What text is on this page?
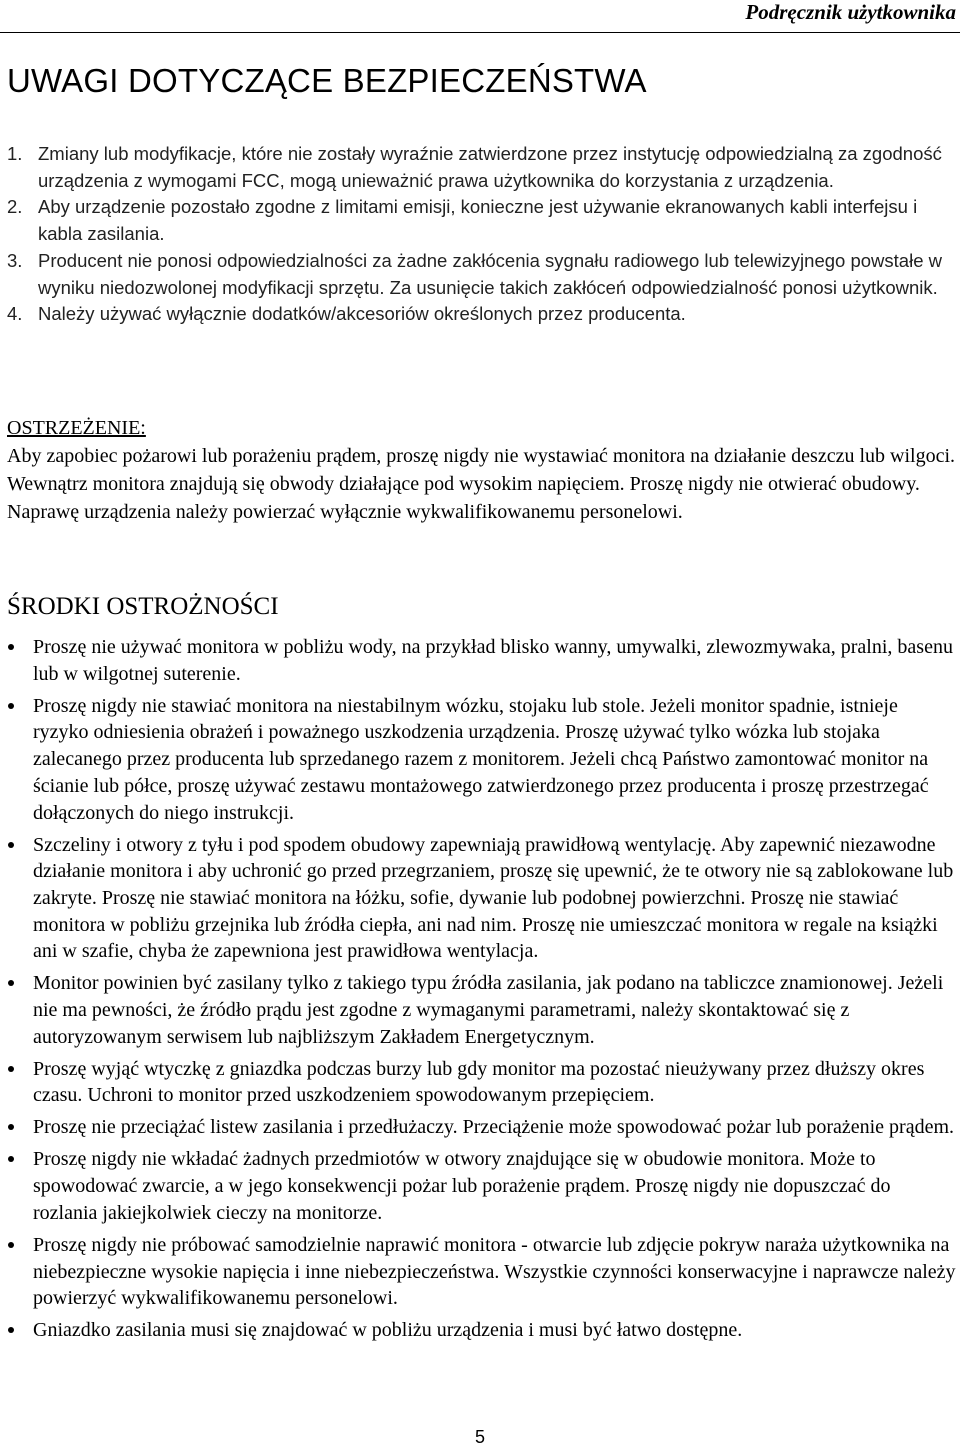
Podręcznik użytkownika
UWAGI DOTYCZĄCE BEZPIECZEŃSTWA
1. Zmiany lub modyfikacje, które nie zostały wyraźnie zatwierdzone przez instytucję odpowiedzialną za zgodność urządzenia z wymogami FCC, mogą unieważnić prawa użytkownika do korzystania z urządzenia.
2. Aby urządzenie pozostało zgodne z limitami emisji, konieczne jest używanie ekranowanych kabli interfejsu i kabla zasilania.
3. Producent nie ponosi odpowiedzialności za żadne zakłócenia sygnału radiowego lub telewizyjnego powstałe w wyniku niedozwolonej modyfikacji sprzętu. Za usunięcie takich zakłóceń odpowiedzialność ponosi użytkownik.
4. Należy używać wyłącznie dodatków/akcesoriów określonych przez producenta.
OSTRZEŻENIE:
Aby zapobiec pożarowi lub porażeniu prądem, proszę nigdy nie wystawiać monitora na działanie deszczu lub wilgoci. Wewnątrz monitora znajdują się obwody działające pod wysokim napięciem. Proszę nigdy nie otwierać obudowy. Naprawę urządzenia należy powierzać wyłącznie wykwalifikowanemu personelowi.
ŚRODKI OSTROŻNOŚCI
Proszę nie używać monitora w pobliżu wody, na przykład blisko wanny, umywalki, zlewozmywaka, pralni, basenu lub w wilgotnej suterenie.
Proszę nigdy nie stawiać monitora na niestabilnym wózku, stojaku lub stole. Jeżeli monitor spadnie, istnieje ryzyko odniesienia obrażeń i poważnego uszkodzenia urządzenia. Proszę używać tylko wózka lub stojaka zalecanego przez producenta lub sprzedanego razem z monitorem. Jeżeli chcą Państwo zamontować monitor na ścianie lub półce, proszę używać zestawu montażowego zatwierdzonego przez producenta i proszę przestrzegać dołączonych do niego instrukcji.
Szczeliny i otwory z tyłu i pod spodem obudowy zapewniają prawidłową wentylację. Aby zapewnić niezawodne działanie monitora i aby uchronić go przed przegrzaniem, proszę się upewnić, że te otwory nie są zablokowane lub zakryte. Proszę nie stawiać monitora na łóżku, sofie, dywanie lub podobnej powierzchni. Proszę nie stawiać monitora w pobliżu grzejnika lub źródła ciepła, ani nad nim. Proszę nie umieszczać monitora w regale na książki ani w szafie, chyba że zapewniona jest prawidłowa wentylacja.
Monitor powinien być zasilany tylko z takiego typu źródła zasilania, jak podano na tabliczce znamionowej. Jeżeli nie ma pewności, że źródło prądu jest zgodne z wymaganymi parametrami, należy skontaktować się z autoryzowanym serwisem lub najbliższym Zakładem Energetycznym.
Proszę wyjąć wtyczkę z gniazdka podczas burzy lub gdy monitor ma pozostać nieużywany przez dłuższy okres czasu. Uchroni to monitor przed uszkodzeniem spowodowanym przepięciem.
Proszę nie przeciążać listew zasilania i przedłużaczy. Przeciążenie może spowodować pożar lub porażenie prądem.
Proszę nigdy nie wkładać żadnych przedmiotów w otwory znajdujące się w obudowie monitora. Może to spowodować zwarcie, a w jego konsekwencji pożar lub porażenie prądem. Proszę nigdy nie dopuszczać do rozlania jakiejkolwiek cieczy na monitorze.
Proszę nigdy nie próbować samodzielnie naprawić monitora - otwarcie lub zdjęcie pokryw naraża użytkownika na niebezpieczne wysokie napięcia i inne niebezpieczeństwa. Wszystkie czynności konserwacyjne i naprawcze należy powierzyć wykwalifikowanemu personelowi.
Gniazdko zasilania musi się znajdować w pobliżu urządzenia i musi być łatwo dostępne.
5
